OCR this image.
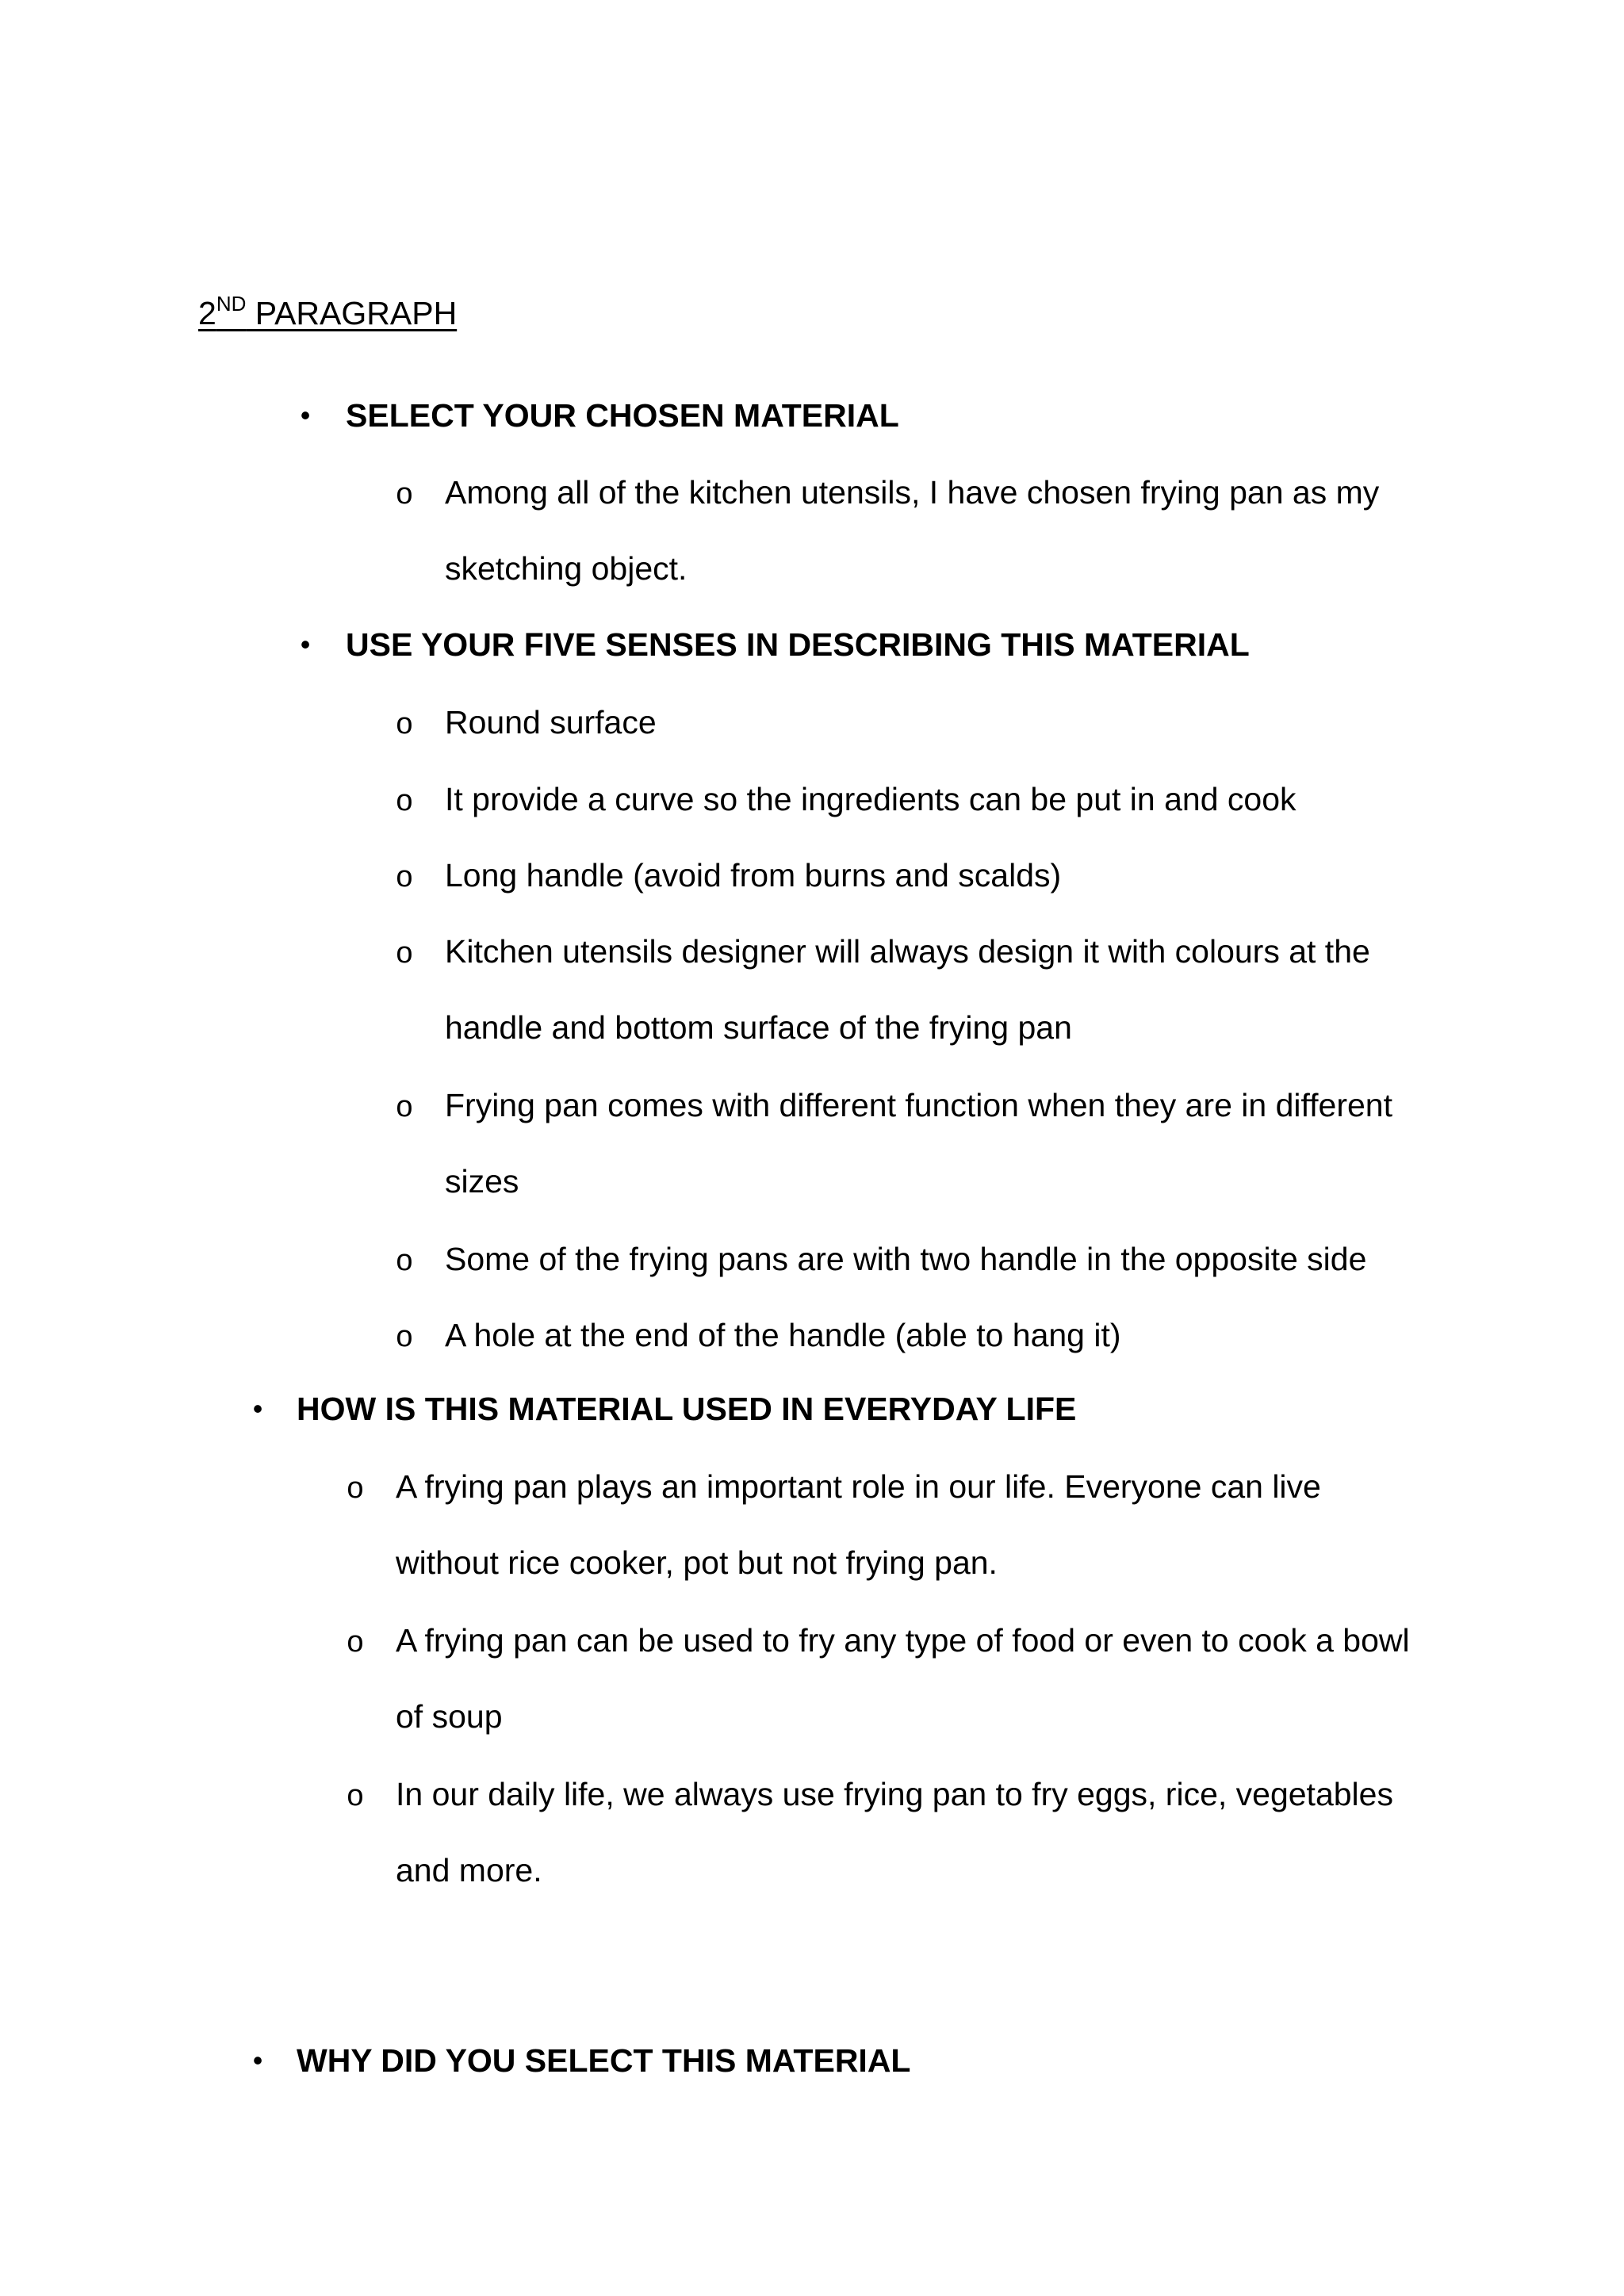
2ND PARAGRAPH
• SELECT YOUR CHOSEN MATERIAL
o Among all of the kitchen utensils, I have chosen frying pan as my
sketching object.
• USE YOUR FIVE SENSES IN DESCRIBING THIS MATERIAL
o Round surface
o It provide a curve so the ingredients can be put in and cook
o Long handle (avoid from burns and scalds)
o Kitchen utensils designer will always design it with colours at the
handle and bottom surface of the frying pan
o Frying pan comes with different function when they are in different
sizes
o Some of the frying pans are with two handle in the opposite side
o A hole at the end of the handle (able to hang it)
• HOW IS THIS MATERIAL USED IN EVERYDAY LIFE
o A frying pan plays an important role in our life. Everyone can live
without rice cooker, pot but not frying pan.
o A frying pan can be used to fry any type of food or even to cook a bowl
of soup
o In our daily life, we always use frying pan to fry eggs, rice, vegetables
and more.
• WHY DID YOU SELECT THIS MATERIAL
